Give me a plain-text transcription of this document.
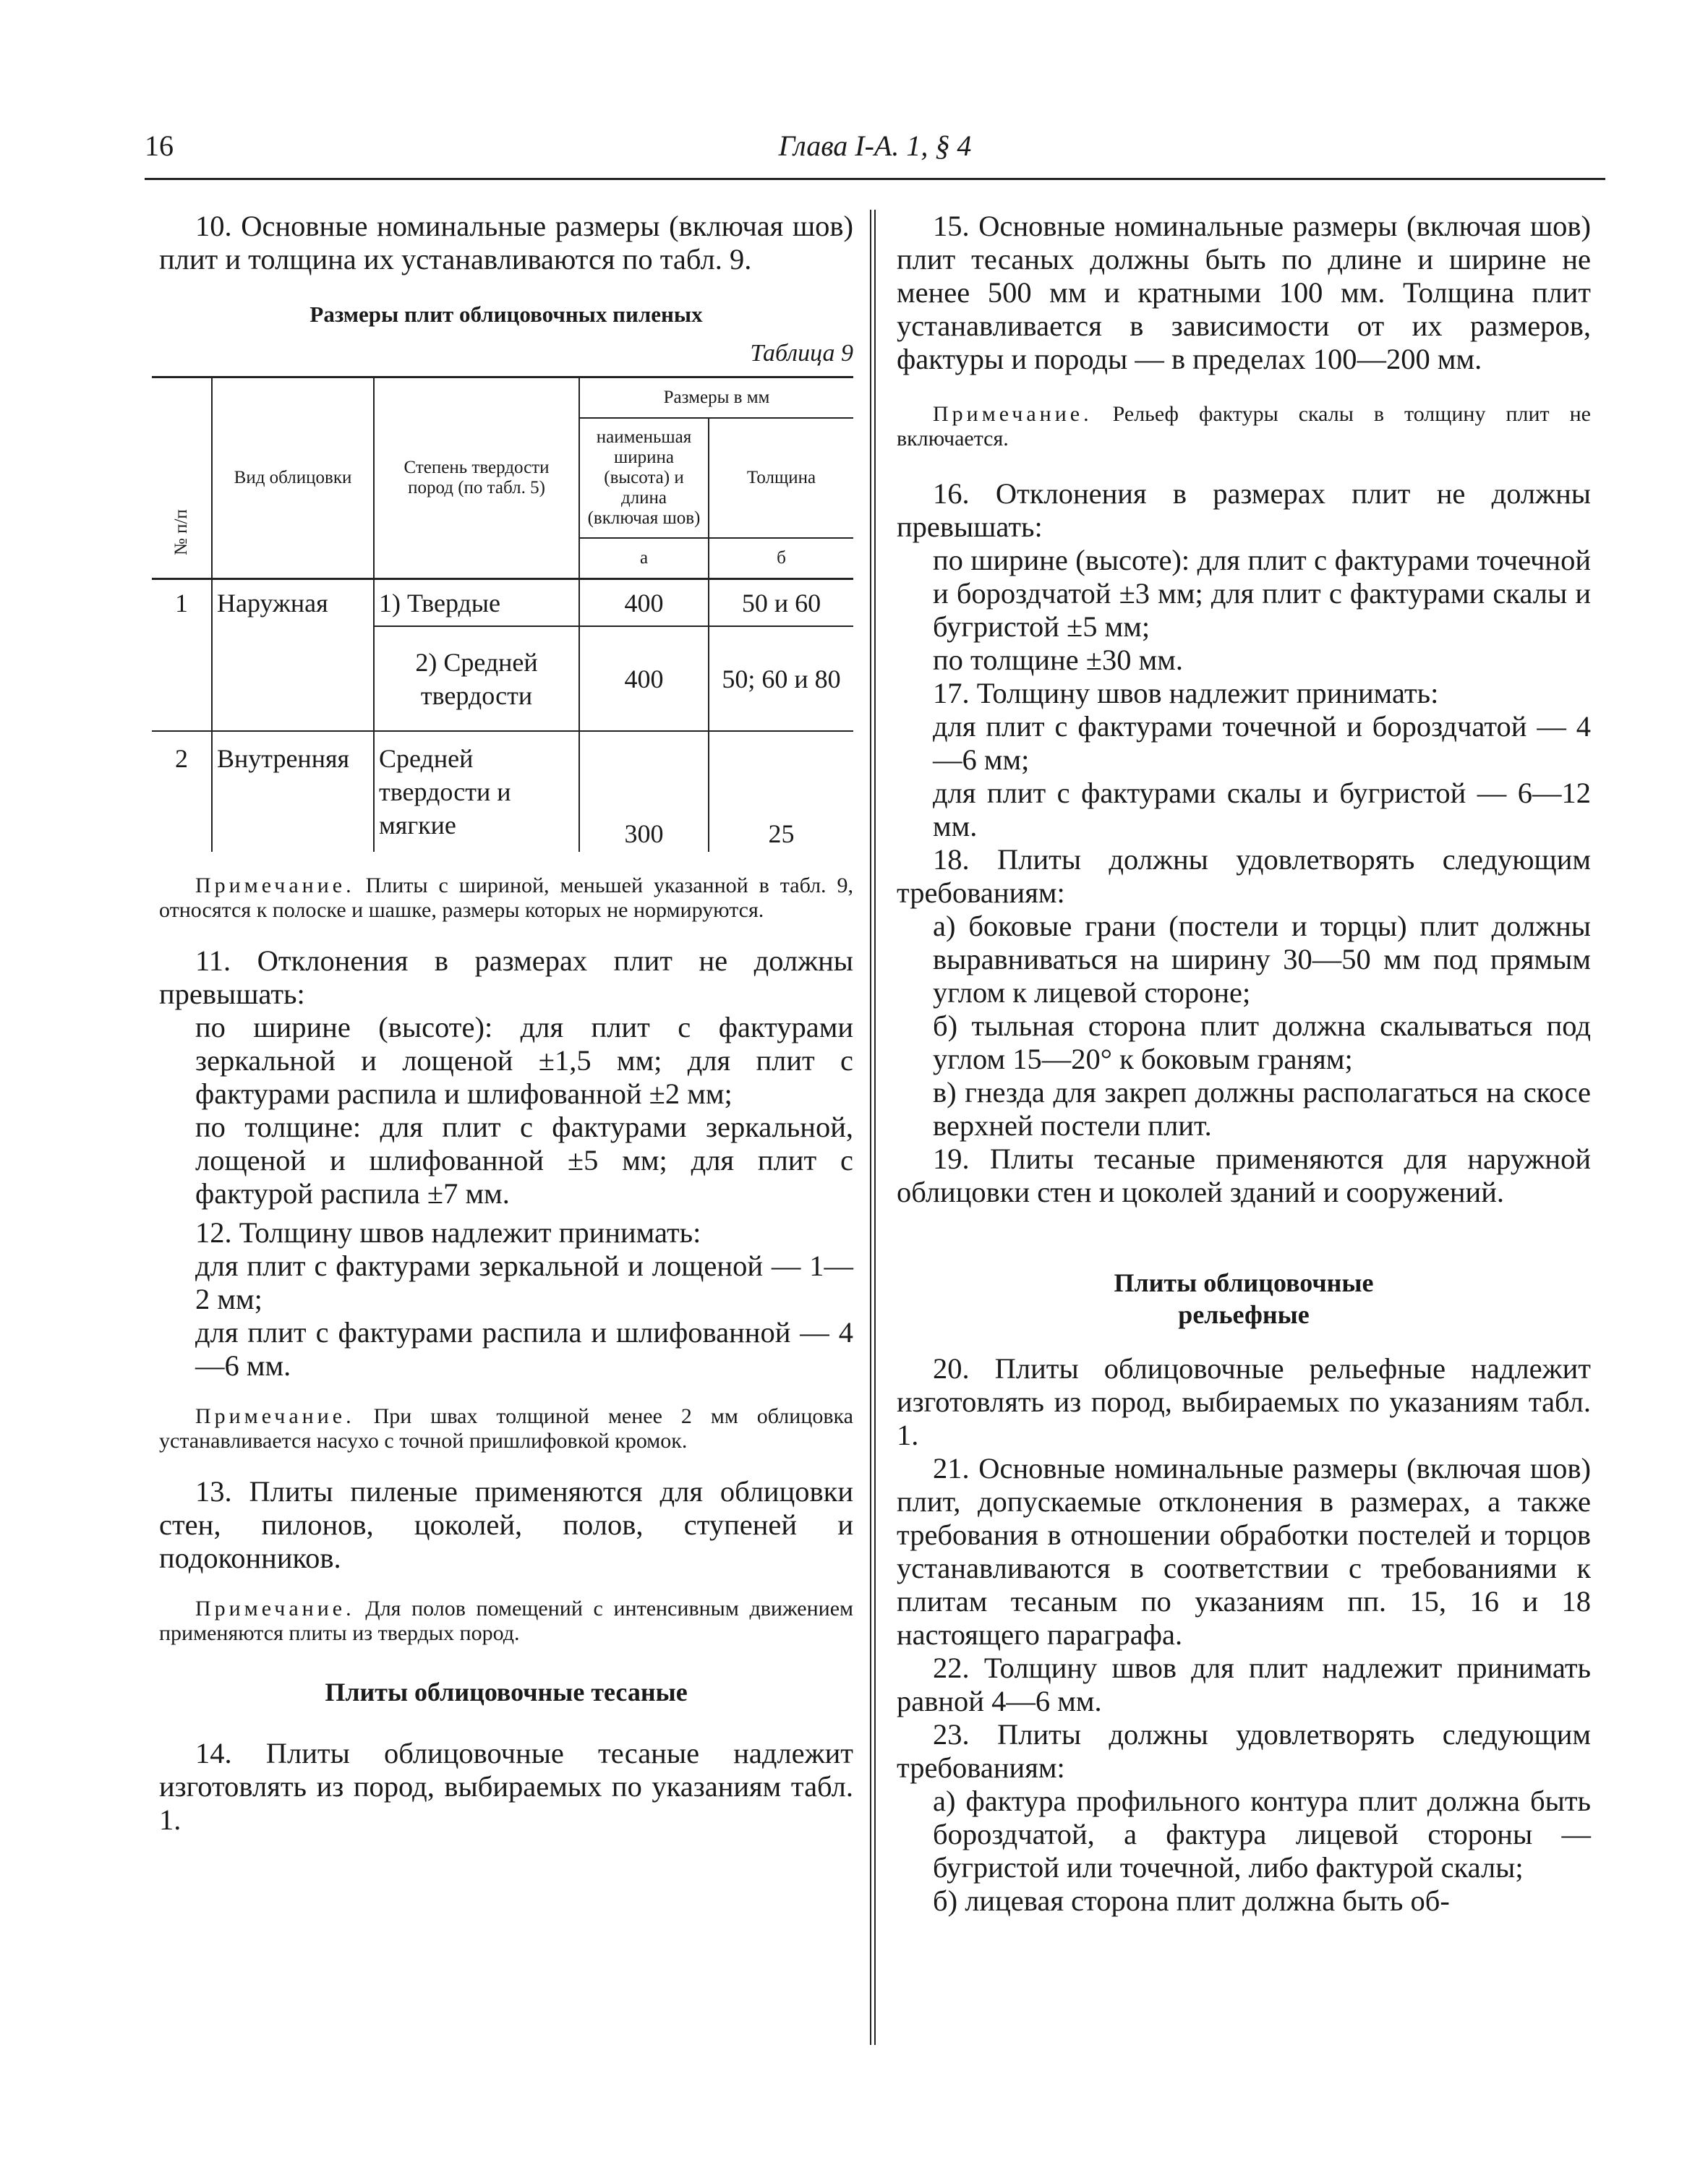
16	Глава I-А. 1, § 4

10. Основные номинальные размеры (включая шов) плит и толщина их устанавливаются по табл. 9.

Размеры плит облицовочных пиленых

Таблица 9

№ п/п	Вид облицовки	Степень твердости пород (по табл. 5)	Размеры в мм	
			наименьшая ширина (высота) и длина (включая шов)	Толщина
			а	б
1	Наружная	1) Твердые	400	50 и 60
		2) Средней твердости	400	50; 60 и 80
2	Внутренняя	Средней твердости и мягкие	300	25

Примечание. Плиты с шириной, меньшей указанной в табл. 9, относятся к полоске и шашке, размеры которых не нормируются.

11. Отклонения в размерах плит не должны превышать:

по ширине (высоте): для плит с фактурами зеркальной и лощеной ±1,5 мм; для плит с фактурами распила и шлифованной ±2 мм;

по толщине: для плит с фактурами зеркальной, лощеной и шлифованной ±5 мм; для плит с фактурой распила ±7 мм.

12. Толщину швов надлежит принимать:

для плит с фактурами зеркальной и лощеной — 1—2 мм;

для плит с фактурами распила и шлифованной — 4—6 мм.

Примечание. При швах толщиной менее 2 мм облицовка устанавливается насухо с точной пришлифовкой кромок.

13. Плиты пиленые применяются для облицовки стен, пилонов, цоколей, полов, ступеней и подоконников.

Примечание. Для полов помещений с интенсивным движением применяются плиты из твердых пород.

Плиты облицовочные тесаные

14. Плиты облицовочные тесаные надлежит изготовлять из пород, выбираемых по указаниям табл. 1.

15. Основные номинальные размеры (включая шов) плит тесаных должны быть по длине и ширине не менее 500 мм и кратными 100 мм. Толщина плит устанавливается в зависимости от их размеров, фактуры и породы — в пределах 100—200 мм.

Примечание. Рельеф фактуры скалы в толщину плит не включается.

16. Отклонения в размерах плит не должны превышать:

по ширине (высоте): для плит с фактурами точечной и бороздчатой ±3 мм; для плит с фактурами скалы и бугристой ±5 мм;

по толщине ±30 мм.

17. Толщину швов надлежит принимать:

для плит с фактурами точечной и бороздчатой — 4—6 мм;

для плит с фактурами скалы и бугристой — 6—12 мм.

18. Плиты должны удовлетворять следующим требованиям:

а) боковые грани (постели и торцы) плит должны выравниваться на ширину 30—50 мм под прямым углом к лицевой стороне;

б) тыльная сторона плит должна скалываться под углом 15—20° к боковым граням;

в) гнезда для закреп должны располагаться на скосе верхней постели плит.

19. Плиты тесаные применяются для наружной облицовки стен и цоколей зданий и сооружений.

Плиты облицовочные

рельефные

20. Плиты облицовочные рельефные надлежит изготовлять из пород, выбираемых по указаниям табл. 1.

21. Основные номинальные размеры (включая шов) плит, допускаемые отклонения в размерах, а также требования в отношении обработки постелей и торцов устанавливаются в соответствии с требованиями к плитам тесаным по указаниям пп. 15, 16 и 18 настоящего параграфа.

22. Толщину швов для плит надлежит принимать равной 4—6 мм.

23. Плиты должны удовлетворять следующим требованиям:

а) фактура профильного контура плит должна быть бороздчатой, а фактура лицевой стороны — бугристой или точечной, либо фактурой скалы;

б) лицевая сторона плит должна быть об-
